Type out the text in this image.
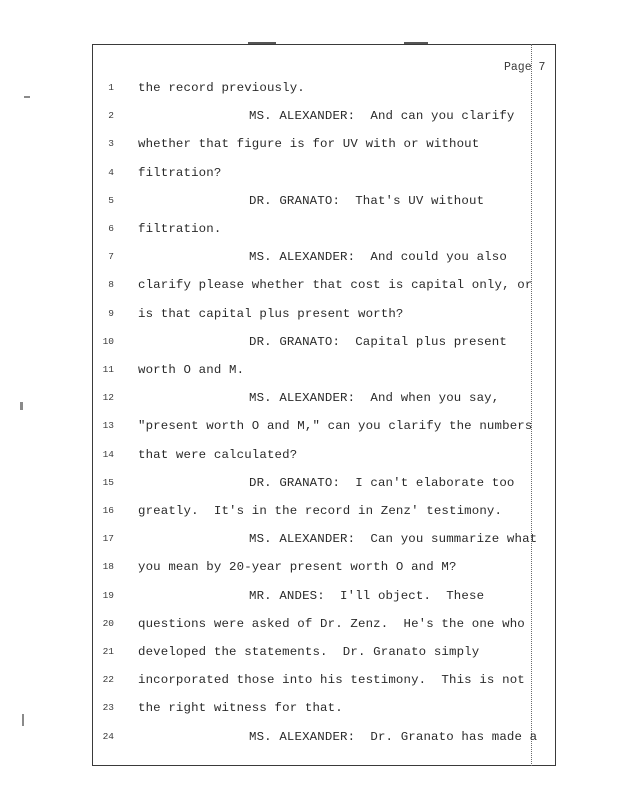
Page 7
1 the record previously.
2	MS. ALEXANDER:  And can you clarify
3 whether that figure is for UV with or without
4 filtration?
5	DR. GRANATO:  That's UV without
6 filtration.
7	MS. ALEXANDER:  And could you also
8 clarify please whether that cost is capital only, or
9 is that capital plus present worth?
10	DR. GRANATO:  Capital plus present
11 worth O and M.
12	MS. ALEXANDER:  And when you say,
13 "present worth O and M," can you clarify the numbers
14 that were calculated?
15	DR. GRANATO:  I can't elaborate too
16 greatly.  It's in the record in Zenz' testimony.
17	MS. ALEXANDER:  Can you summarize what
18 you mean by 20-year present worth O and M?
19	MR. ANDES:  I'll object.  These
20 questions were asked of Dr. Zenz.  He's the one who
21 developed the statements.  Dr. Granato simply
22 incorporated those into his testimony.  This is not
23 the right witness for that.
24	MS. ALEXANDER:  Dr. Granato has made a
